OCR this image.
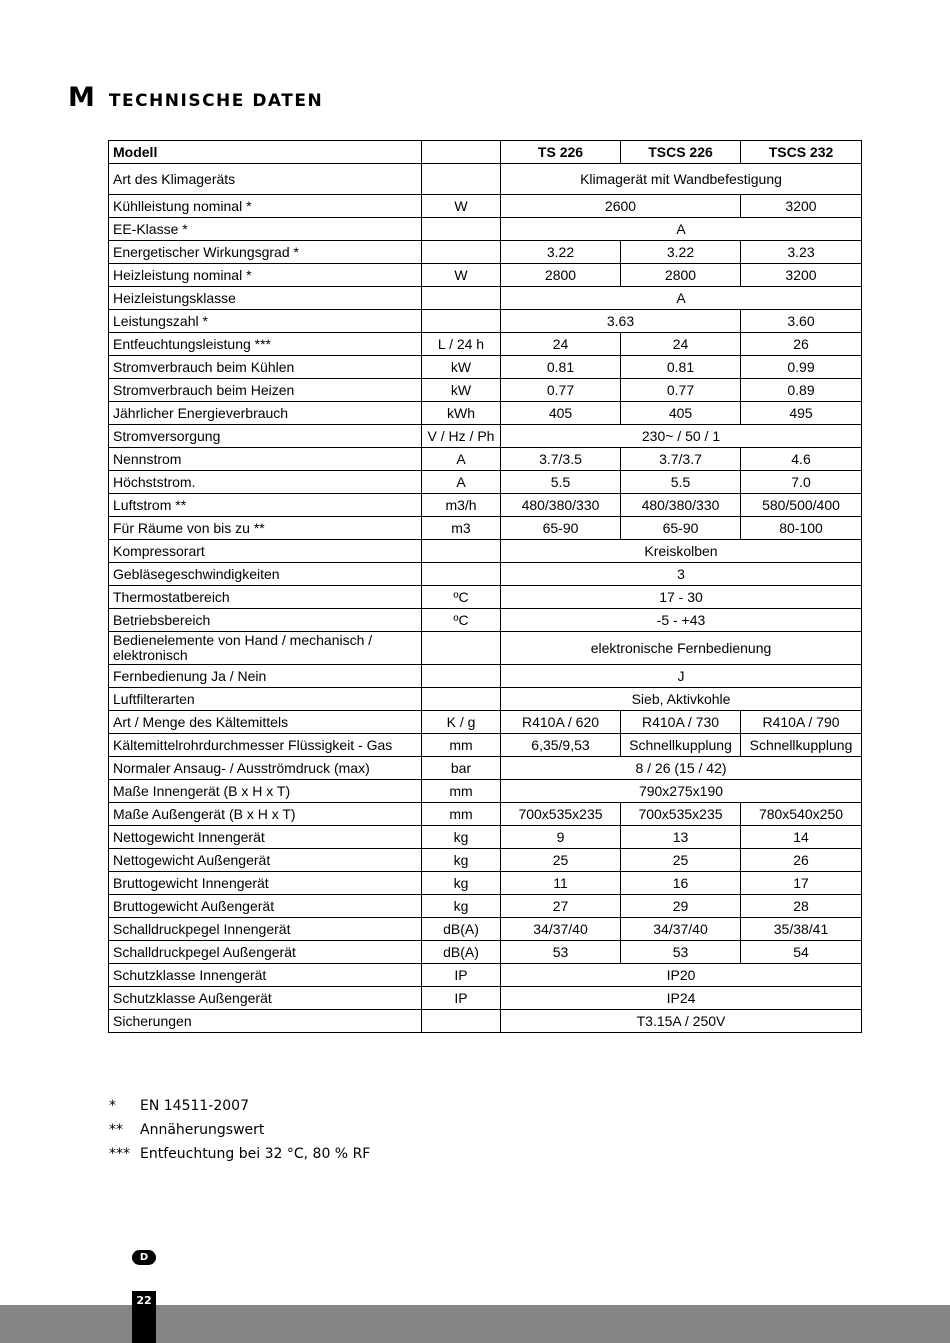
M TECHNISCHE DATEN
Modell		TS 226	TSCS 226	TSCS 232
Art des Klimageräts		Klimagerät mit Wandbefestigung		
Kühlleistung nominal *	W	2600		3200
EE-Klasse *		A		
Energetischer Wirkungsgrad *		3.22	3.22	3.23
Heizleistung nominal *	W	2800	2800	3200
Heizleistungsklasse		A		
Leistungszahl *		3.63		3.60
Entfeuchtungsleistung ***	L / 24 h	24	24	26
Stromverbrauch beim Kühlen	kW	0.81	0.81	0.99
Stromverbrauch beim Heizen	kW	0.77	0.77	0.89
Jährlicher Energieverbrauch	kWh	405	405	495
Stromversorgung	V / Hz / Ph	230~ / 50 / 1		
Nennstrom	A	3.7/3.5	3.7/3.7	4.6
Höchststrom.	A	5.5	5.5	7.0
Luftstrom **	m3/h	480/380/330	480/380/330	580/500/400
Für Räume von bis zu **	m3	65-90	65-90	80-100
Kompressorart		Kreiskolben		
Gebläsegeschwindigkeiten		3		
Thermostatbereich	ºC	17 - 30		
Betriebsbereich	ºC	-5 - +43		
Bedienelemente von Hand / mechanisch / elektronisch		elektronische Fernbedienung		
Fernbedienung Ja / Nein		J		
Luftfilterarten		Sieb, Aktivkohle		
Art / Menge des Kältemittels	K / g	R410A / 620	R410A / 730	R410A / 790
Kältemittelrohrdurchmesser Flüssigkeit - Gas	mm	6,35/9,53	Schnellkupplung	Schnellkupplung
Normaler Ansaug- / Ausströmdruck (max)	bar	8 / 26 (15 / 42)		
Maße Innengerät (B x H x T)	mm	790x275x190		
Maße Außengerät (B x H x T)	mm	700x535x235	700x535x235	780x540x250
Nettogewicht Innengerät	kg	9	13	14
Nettogewicht Außengerät	kg	25	25	26
Bruttogewicht Innengerät	kg	11	16	17
Bruttogewicht Außengerät	kg	27	29	28
Schalldruckpegel Innengerät	dB(A)	34/37/40	34/37/40	35/38/41
Schalldruckpegel Außengerät	dB(A)	53	53	54
Schutzklasse Innengerät	IP	IP20		
Schutzklasse Außengerät	IP	IP24		
Sicherungen		T3.15A / 250V		
*	EN 14511-2007
**	Annäherungswert
*** Entfeuchtung bei 32 °C, 80 % RF
D
22
